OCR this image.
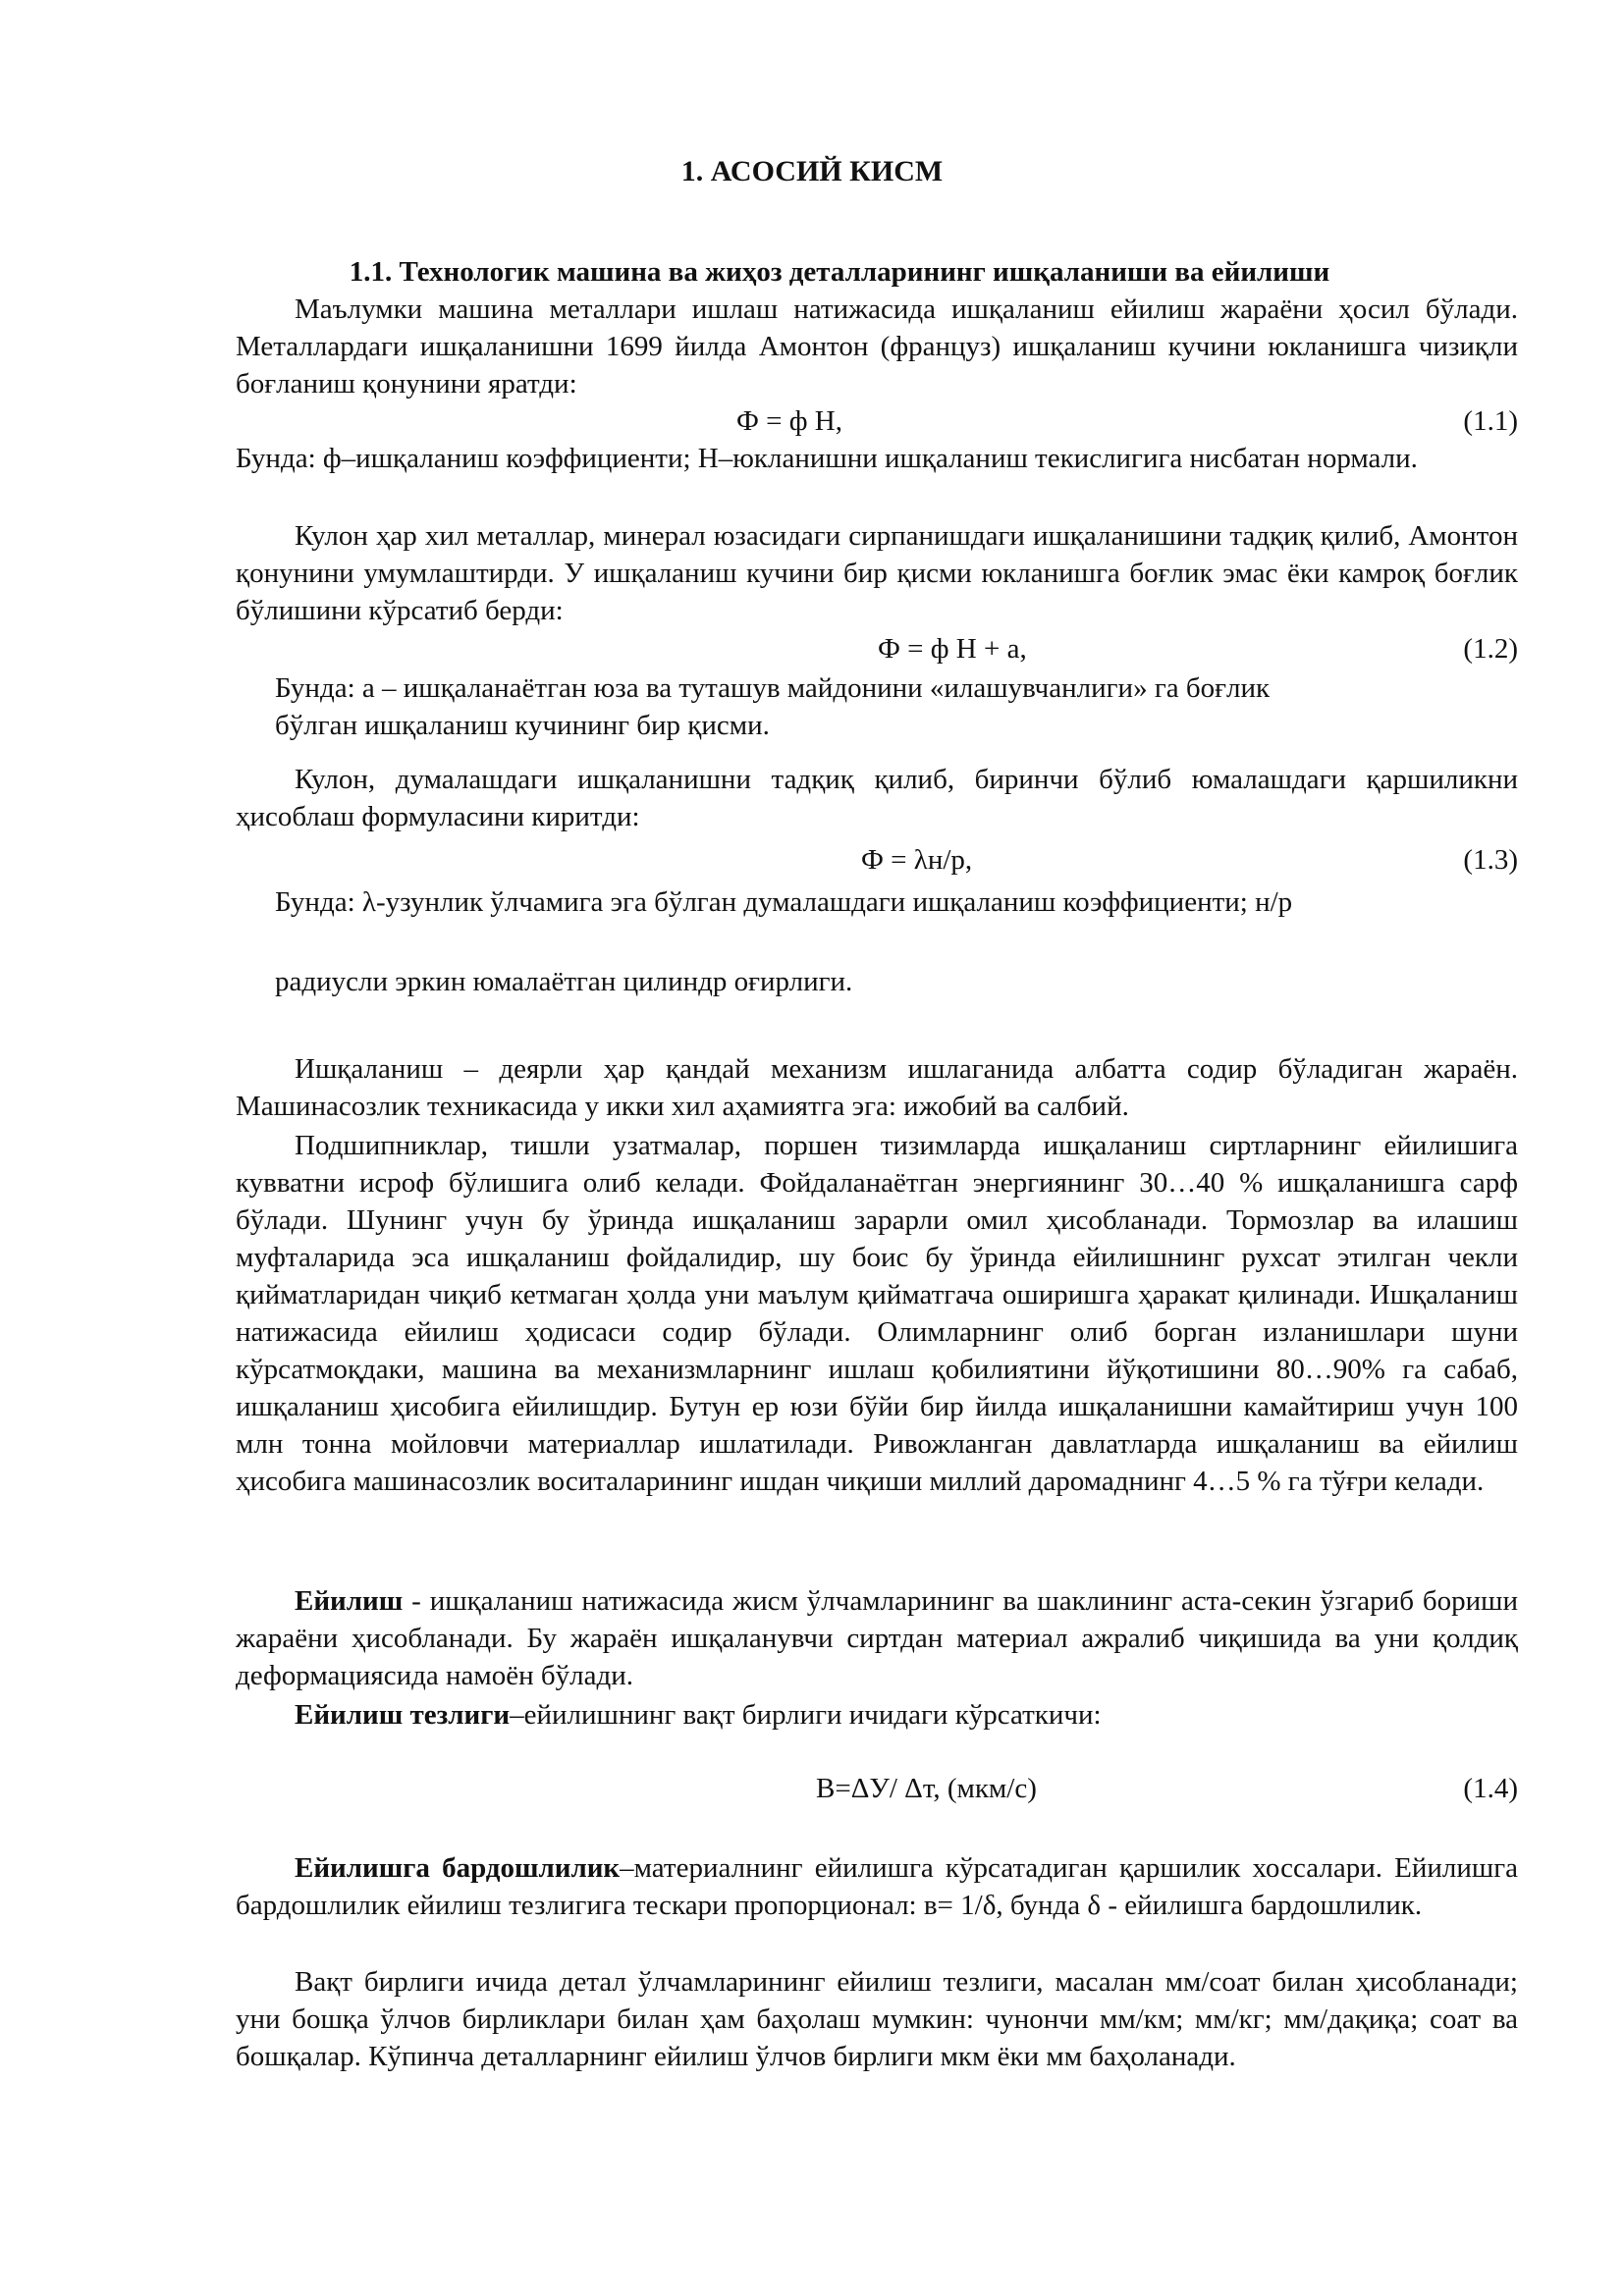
1. АСОСИЙ КИСМ
1.1. Технологик машина ва жиҳоз деталларининг ишқаланиши ва ейилиши

Маълумки машина металлари ишлаш натижасида ишқаланиш ейилиш жараёни ҳосил бўлади. Металлардаги ишқаланишни 1699 йилда Амонтон (француз) ишқаланиш кучини юкланишга чизиқли боғланиш қонунини яратди:

Ф = ф Н,	(1.1)

Бунда: ф–ишқаланиш коэффициенти; Н–юкланишни ишқаланиш текислигига нисбатан нормали.

Кулон ҳар хил металлар, минерал юзасидаги сирпанишдаги ишқаланишини тадқиқ қилиб, Амонтон қонунини умумлаштирди. У ишқаланиш кучини бир қисми юкланишга боғлик эмас ёки камроқ боғлик бўлишини кўрсатиб берди:

Ф = ф Н + а,	(1.2)

Бунда: а – ишқаланаётган юза ва туташув майдонини «илашувчанлиги» га боғлик

бўлган ишқаланиш кучининг бир қисми.

Кулон, думалашдаги ишқаланишни тадқиқ қилиб, биринчи бўлиб юмалашдаги қаршиликни ҳисоблаш формуласини киритди:

Ф = λн/р,	(1.3)

Бунда: λ-узунлик ўлчамига эга бўлган думалашдаги ишқаланиш коэффициенти; н/р

радиусли эркин юмалаётган цилиндр оғирлиги.

Ишқаланиш – деярли ҳар қандай механизм ишлаганида албатта содир бўладиган жараён. Машинасозлик техникасида у икки хил аҳамиятга эга: ижобий ва салбий.

Подшипниклар, тишли узатмалар, поршен тизимларда ишқаланиш сиртларнинг ейилишига кувватни исроф бўлишига олиб келади. Фойдаланаётган энергиянинг 30…40 % ишқаланишга сарф бўлади. Шунинг учун бу ўринда ишқаланиш зарарли омил ҳисобланади. Тормозлар ва илашиш муфталарида эса ишқаланиш фойдалидир, шу боис бу ўринда ейилишнинг рухсат этилган чекли қийматларидан чиқиб кетмаган ҳолда уни маълум қийматгача оширишга ҳаракат қилинади. Ишқаланиш натижасида ейилиш ҳодисаси содир бўлади. Олимларнинг олиб борган изланишлари шуни кўрсатмоқдаки, машина ва механизмларнинг ишлаш қобилиятини йўқотишини 80…90% га сабаб, ишқаланиш ҳисобига ейилишдир. Бутун ер юзи бўйи бир йилда ишқаланишни камайтириш учун 100 млн тонна мойловчи материаллар ишлатилади. Ривожланган давлатларда ишқаланиш ва ейилиш ҳисобига машинасозлик воситаларининг ишдан чиқиши миллий даромаднинг 4…5 % га тўғри келади.

Ейилиш - ишқаланиш натижасида жисм ўлчамларининг ва шаклининг аста-секин ўзгариб бориши жараёни ҳисобланади. Бу жараён ишқаланувчи сиртдан материал ажралиб чиқишида ва уни қолдиқ деформациясида намоён бўлади.

Ейилиш тезлиги–ейилишнинг вақт бирлиги ичидаги кўрсаткичи:

В=ΔУ/ Δт, (мкм/с)	(1.4)

Ейилишга бардошлилик–материалнинг ейилишга кўрсатадиган қаршилик хоссалари. Ейилишга бардошлилик ейилиш тезлигига тескари пропорционал: в= 1/δ, бунда δ - ейилишга бардошлилик.

Вақт бирлиги ичида детал ўлчамларининг ейилиш тезлиги, масалан мм/соат билан ҳисобланади; уни бошқа ўлчов бирликлари билан ҳам баҳолаш мумкин: чунончи мм/км; мм/кг; мм/дақиқа; соат ва бошқалар. Кўпинча деталларнинг ейилиш ўлчов бирлиги мкм ёки мм баҳоланади.
